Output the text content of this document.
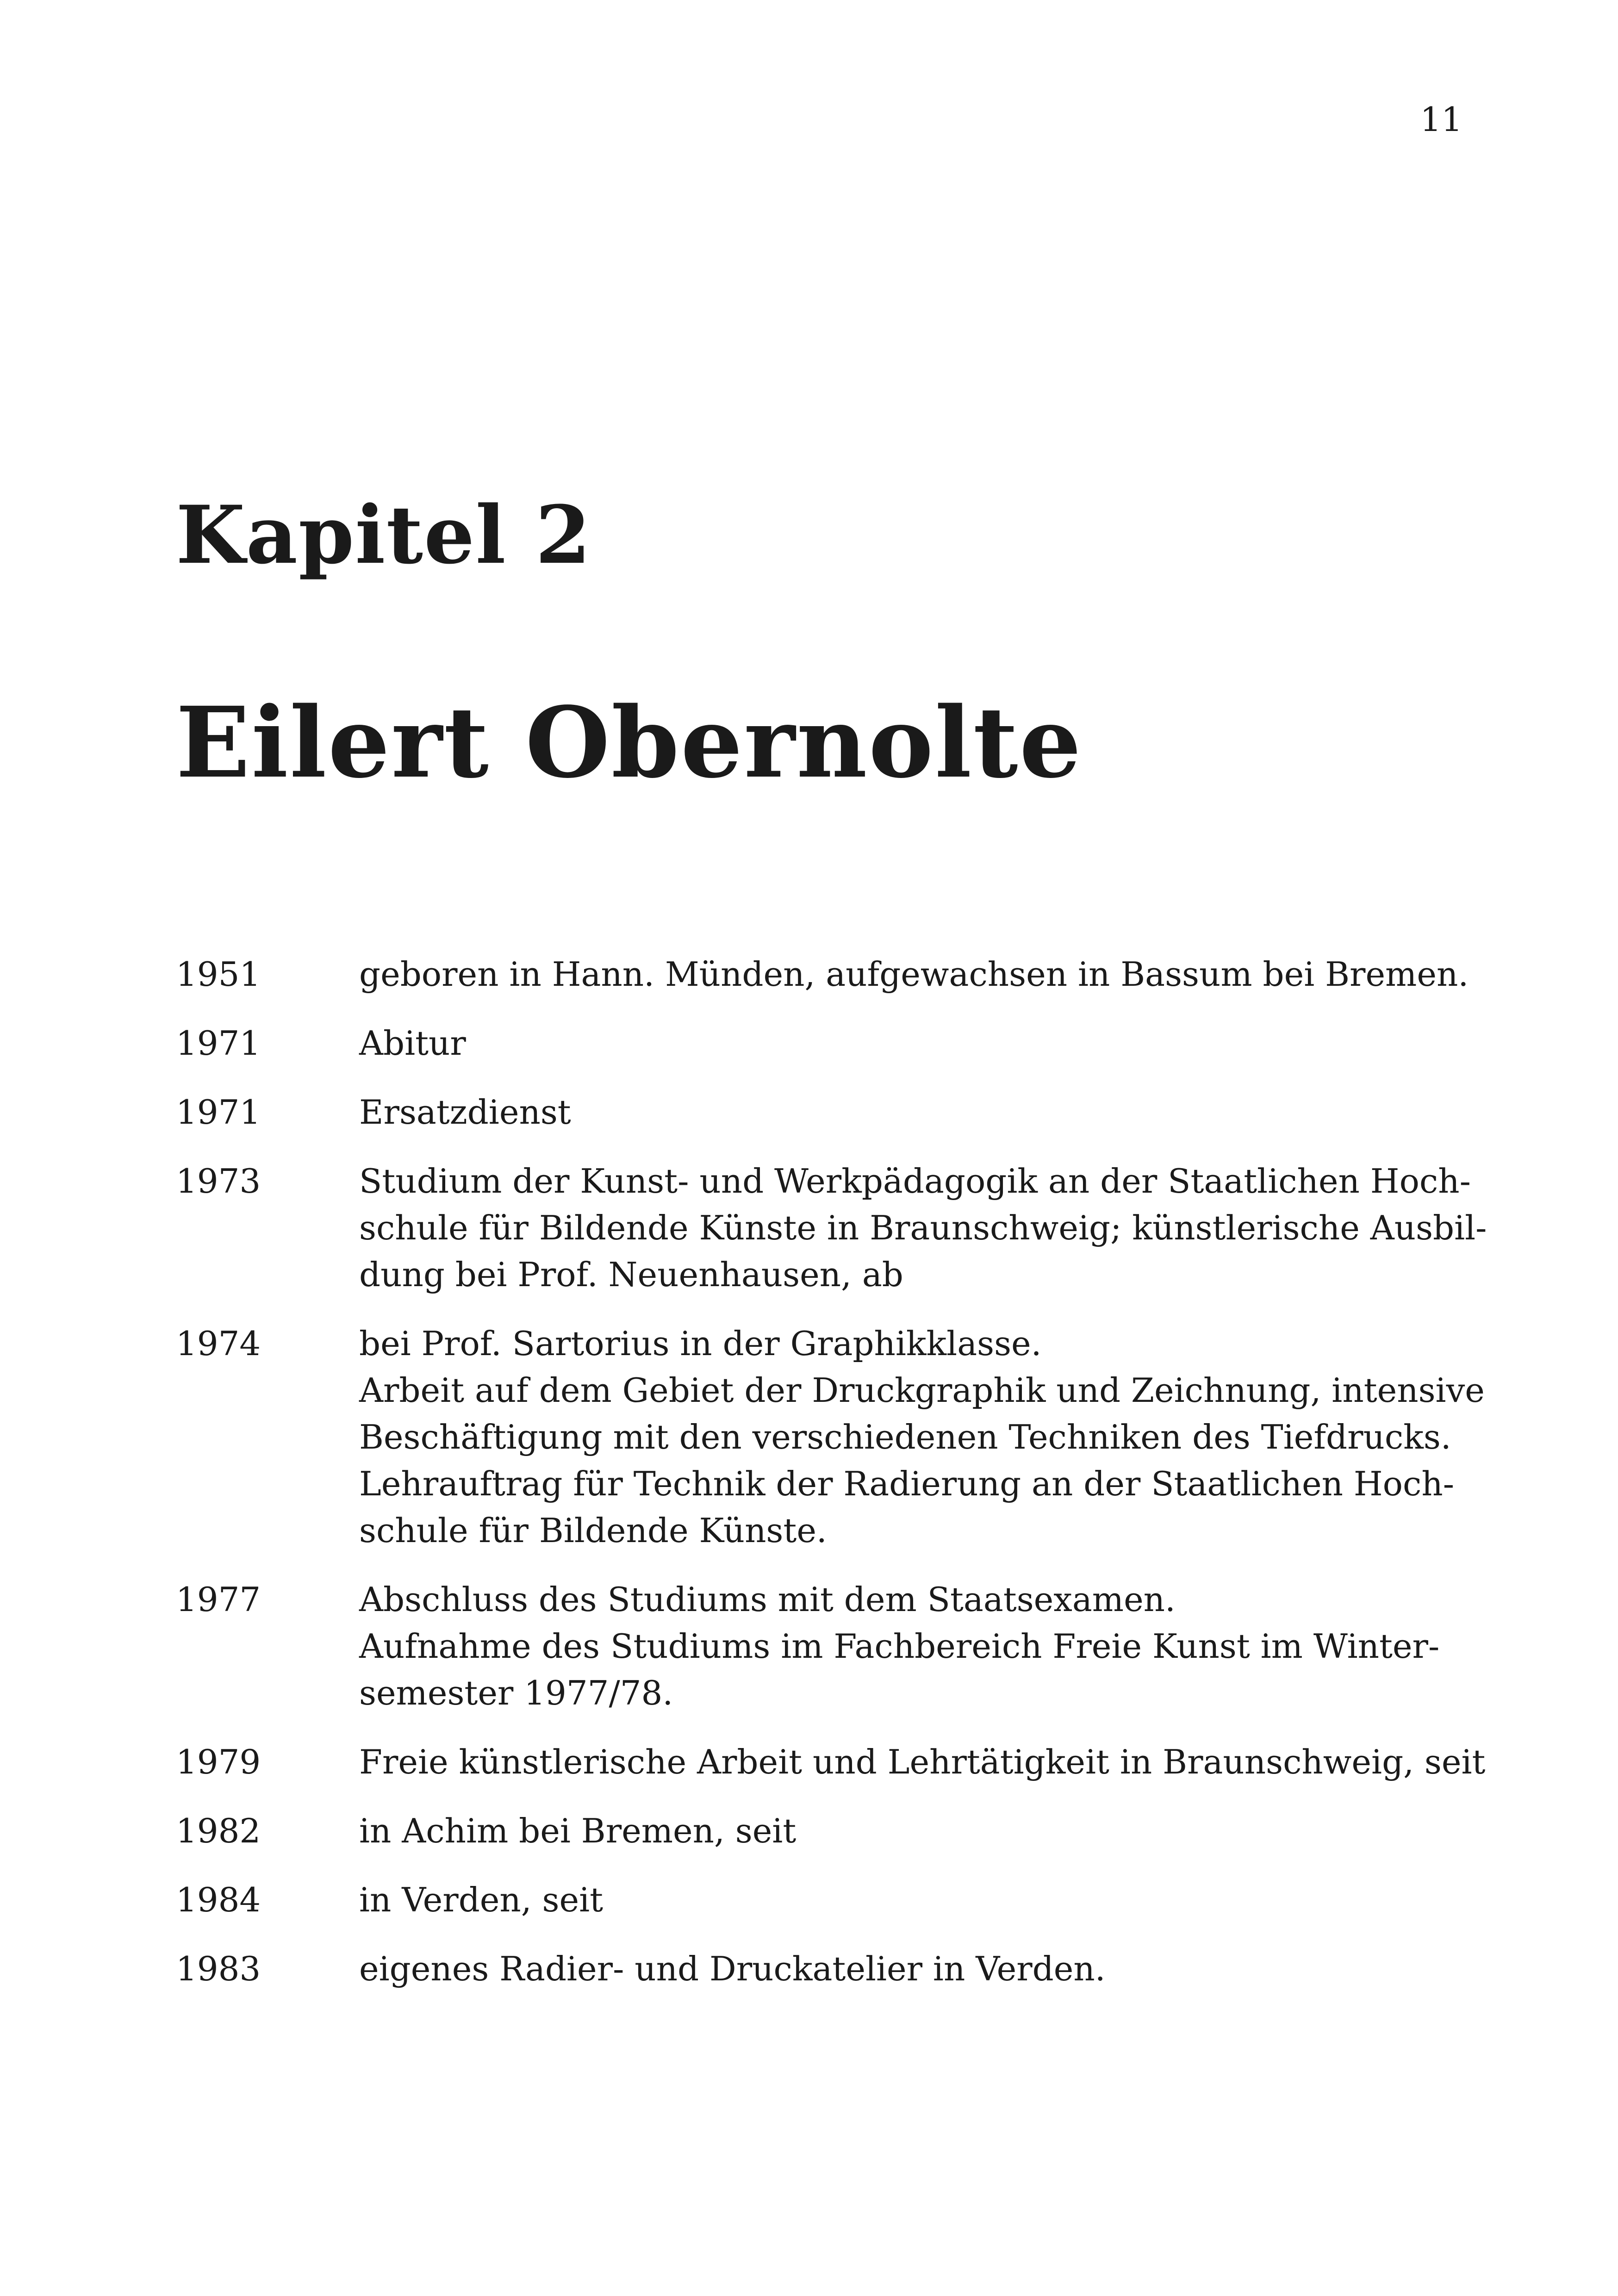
11
Kapitel 2
Eilert Obernolte
1951	geboren in Hann. Münden, aufgewachsen in Bassum bei Bremen.
1971	Abitur
1971	Ersatzdienst
1973	Studium der Kunst- und Werkpädagogik an der Staatlichen Hoch-
schule für Bildende Künste in Braunschweig; künstlerische Ausbil-
dung bei Prof. Neuenhausen, ab
1974	bei Prof. Sartorius in der Graphikklasse.
Arbeit auf dem Gebiet der Druckgraphik und Zeichnung, intensive
Beschäftigung mit den verschiedenen Techniken des Tiefdrucks.
Lehrauftrag für Technik der Radierung an der Staatlichen Hoch-
schule für Bildende Künste.
1977	Abschluss des Studiums mit dem Staatsexamen.
Aufnahme des Studiums im Fachbereich Freie Kunst im Winter-
semester 1977/78.
1979	Freie künstlerische Arbeit und Lehrtätigkeit in Braunschweig, seit
1982	in Achim bei Bremen, seit
1984	in Verden, seit
1983	eigenes Radier- und Druckatelier in Verden.
